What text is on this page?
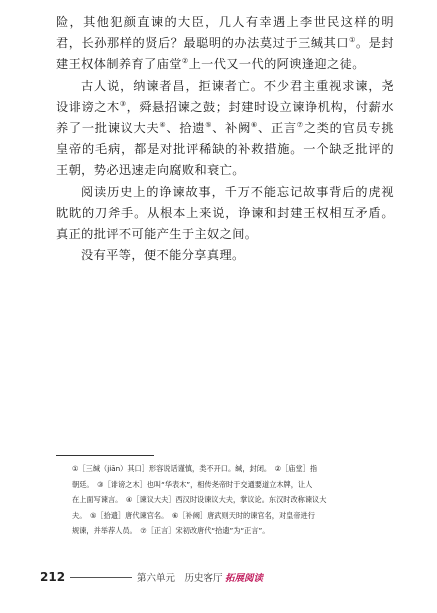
险，其他犯颜直谏的大臣，几人有幸遇上李世民这样的明君，长孙那样的贤后？最聪明的办法莫过于三缄其口①。是封建王权体制养育了庙堂②上一代又一代的阿谀逢迎之徒。

古人说，纳谏者昌，拒谏者亡。不少君主重视求谏，尧设诽谤之木③，舜悬招谏之鼓；封建时设立谏诤机构，付薪水养了一批谏议大夫④、拾遗⑤、补阙⑥、正言⑦之类的官员专挑皇帝的毛病，都是对批评稀缺的补救措施。一个缺乏批评的王朝，势必迅速走向腐败和衰亡。

阅读历史上的诤谏故事，千万不能忘记故事背后的虎视眈眈的刀斧手。从根本上来说，诤谏和封建王权相互矛盾。真正的批评不可能产生于主奴之间。

没有平等，便不能分享真理。

①［三缄（jiān）其口］形容说话谨慎，类不开口。缄，封闭。　②［庙堂］指

朝廷。　③［诽谤之木］也叫“华表木”，相传尧帝时于交通要道立木牌，让人

在上面写谏言。　④［谏议大夫］西汉时设谏议大夫，掌议论。东汉时改称谏议大

夫。　⑤［拾遗］唐代谏官名。　⑥［补阙］唐武则天时的谏官名，对皇帝进行

规谏，并举荐人员。　⑦［正言］宋初改唐代“拾遗”为“正言”。

212	第六单元　历史客厅 拓展阅读
